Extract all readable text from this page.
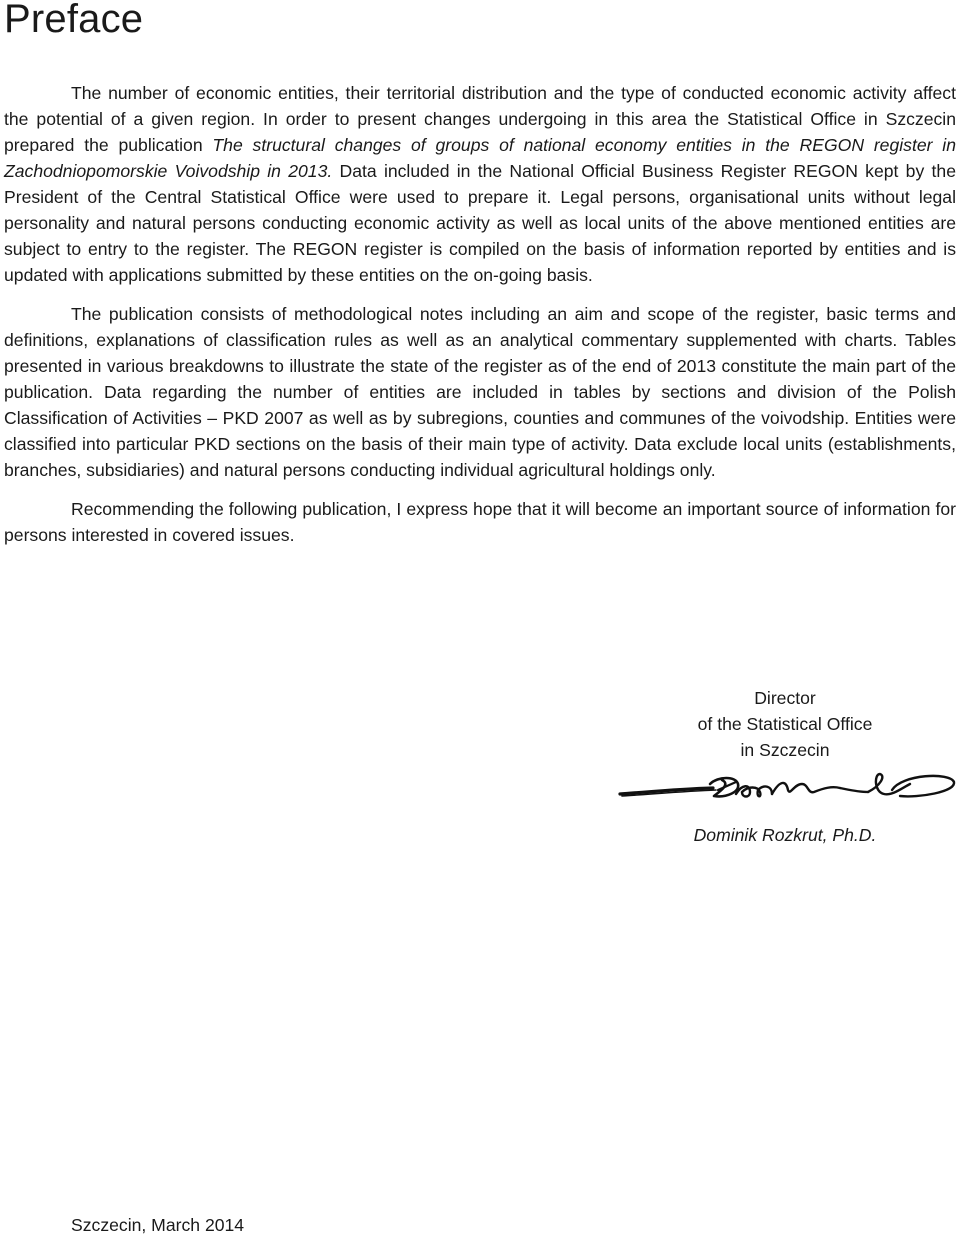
Preface

The number of economic entities, their territorial distribution and the type of conducted economic activity affect the potential of a given region. In order to present changes undergoing in this area the Statistical Office in Szczecin prepared the publication The structural changes of groups of national economy entities in the REGON register in Zachodniopomorskie Voivodship in 2013. Data included in the National Official Business Register REGON kept by the President of the Central Statistical Office were used to prepare it. Legal persons, organisational units without legal personality and natural persons conducting economic activity as well as local units of the above mentioned entities are subject to entry to the register. The REGON register is compiled on the basis of information reported by entities and is updated with applications submitted by these entities on the on-going basis.

The publication consists of methodological notes including an aim and scope of the register, basic terms and definitions, explanations of classification rules as well as an analytical commentary supplemented with charts. Tables presented in various breakdowns to illustrate the state of the register as of the end of 2013 constitute the main part of the publication. Data regarding the number of entities are included in tables by sections and division of the Polish Classification of Activities – PKD 2007 as well as by subregions, counties and communes of the voivodship. Entities were classified into particular PKD sections on the basis of their main type of activity. Data exclude local units (establishments, branches, subsidiaries) and natural persons conducting individual agricultural holdings only.

Recommending the following publication, I express hope that it will become an important source of information for persons interested in covered issues.

Director
of the Statistical Office
in Szczecin
Dominik Rozkrut, Ph.D.
Szczecin, March 2014
